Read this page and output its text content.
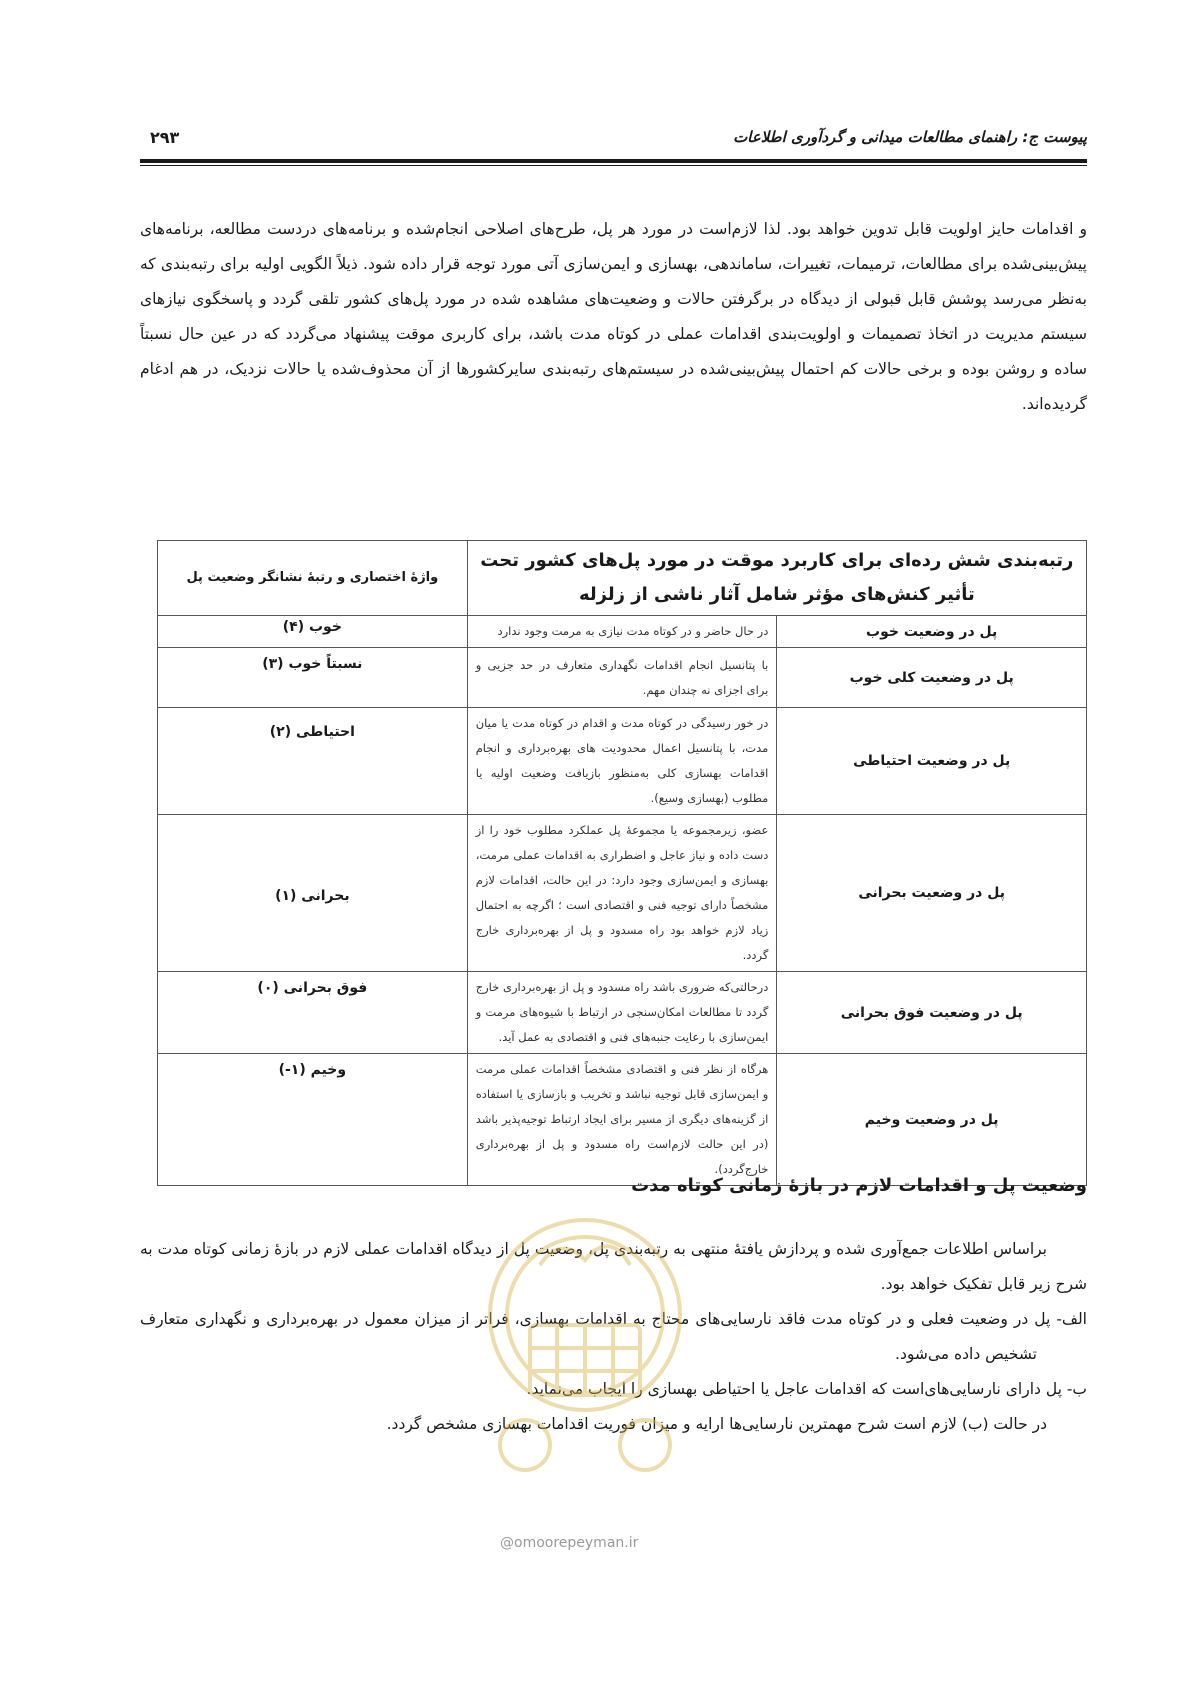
پیوست ج: راهنمای مطالعات میدانی و گردآوری اطلاعات
۲۹۳

و اقدامات حایز اولویت قابل تدوین خواهد بود. لذا لازم‌است در مورد هر پل، طرح‌های اصلاحی انجام‌شده و برنامه‌های دردست مطالعه، برنامه‌های پیش‌بینی‌شده برای مطالعات، ترمیمات، تغییرات، ساماندهی، بهسازی و ایمن‌سازی آتی مورد توجه قرار داده شود. ذیلاً الگویی اولیه برای رتبه‌بندی که به‌نظر می‌رسد پوشش قابل قبولی از دیدگاه در برگرفتن حالات و وضعیت‌های مشاهده شده در مورد پل‌های کشور تلقی گردد و پاسخگوی نیازهای سیستم مدیریت در اتخاذ تصمیمات و اولویت‌بندی اقدامات عملی در کوتاه مدت باشد، برای کاربری موقت پیشنهاد می‌گردد که در عین حال نسبتاً ساده و روشن بوده و برخی حالات کم احتمال پیش‌بینی‌شده در سیستم‌های رتبه‌بندی سایرکشورها از آن محذوف‌شده یا حالات نزدیک، در هم ادغام گردیده‌اند.

رتبه‌بندی شش رده‌ای برای کاربرد موقت در مورد پل‌های کشور تحت تأثیر کنش‌های مؤثر شامل آثار ناشی از زلزله		واژهٔ اختصاری و رتبهٔ نشانگر وضعیت پل
پل در وضعیت خوب	در حال حاضر و در کوتاه مدت نیازی به مرمت وجود ندارد	خوب (۴)
پل در وضعیت کلی خوب	با پتانسیل انجام اقدامات نگهداری متعارف در حد جزیی و برای اجزای نه چندان مهم.	نسبتاً خوب (۳)
پل در وضعیت احتیاطی	در خور رسیدگی در کوتاه مدت و اقدام در کوتاه مدت یا میان مدت، با پتانسیل اعمال محدودیت های بهره‌برداری و انجام اقدامات بهسازی کلی به‌منظور بازیافت وضعیت اولیه یا مطلوب (بهسازی وسیع).	احتیاطی (۲)
پل در وضعیت بحرانی	عضو، زیرمجموعه یا مجموعهٔ پل عملکرد مطلوب خود را از دست داده و نیاز عاجل و اضطراری به اقدامات عملی مرمت، بهسازی و ایمن‌سازی وجود دارد: در این حالت، اقدامات لازم مشخصاً دارای توجیه فنی و اقتصادی است ؛ اگرچه به احتمال زیاد لازم خواهد بود راه مسدود و پل از بهره‌برداری خارج گردد.	بحرانی (۱)
پل در وضعیت فوق بحرانی	درحالتی‌که ضروری باشد راه مسدود و پل از بهره‌برداری خارج گردد تا مطالعات امکان‌سنجی در ارتباط با شیوه‌های مرمت و ایمن‌سازی با رعایت جنبه‌های فنی و اقتصادی به عمل آید.	فوق بحرانی (۰)
پل در وضعیت وخیم	هرگاه از نظر فنی و اقتصادی مشخصاً اقدامات عملی مرمت و ایمن‌سازی قابل توجیه نباشد و تخریب و بازسازی یا استفاده از گزینه‌های دیگری از مسیر برای ایجاد ارتباط توجیه‌پذیر باشد (در این حالت لازم‌است راه مسدود و پل از بهره‌برداری خارج‌گردد).	وخیم (۱-)
وضعیت پل و اقدامات لازم در بازهٔ زمانی کوتاه مدت

براساس اطلاعات جمع‌آوری شده و پردازش یافتهٔ منتهی به رتبه‌بندی پل، وضعیت پل از دیدگاه اقدامات عملی لازم در بازهٔ زمانی کوتاه مدت به شرح زیر قابل تفکیک خواهد بود.

الف- پل در وضعیت فعلی و در کوتاه مدت فاقد نارسایی‌های محتاج به اقدامات بهسازی، فراتر از میزان معمول در بهره‌برداری و نگهداری متعارف تشخیص داده می‌شود.

ب- پل دارای نارسایی‌های‌است که اقدامات عاجل یا احتیاطی بهسازی را ایجاب می‌نماید.

در حالت (ب) لازم است شرح مهمترین نارسایی‌ها ارایه و میزان فوریت اقدامات بهسازی مشخص گردد.

@omoorepeyman.ir
